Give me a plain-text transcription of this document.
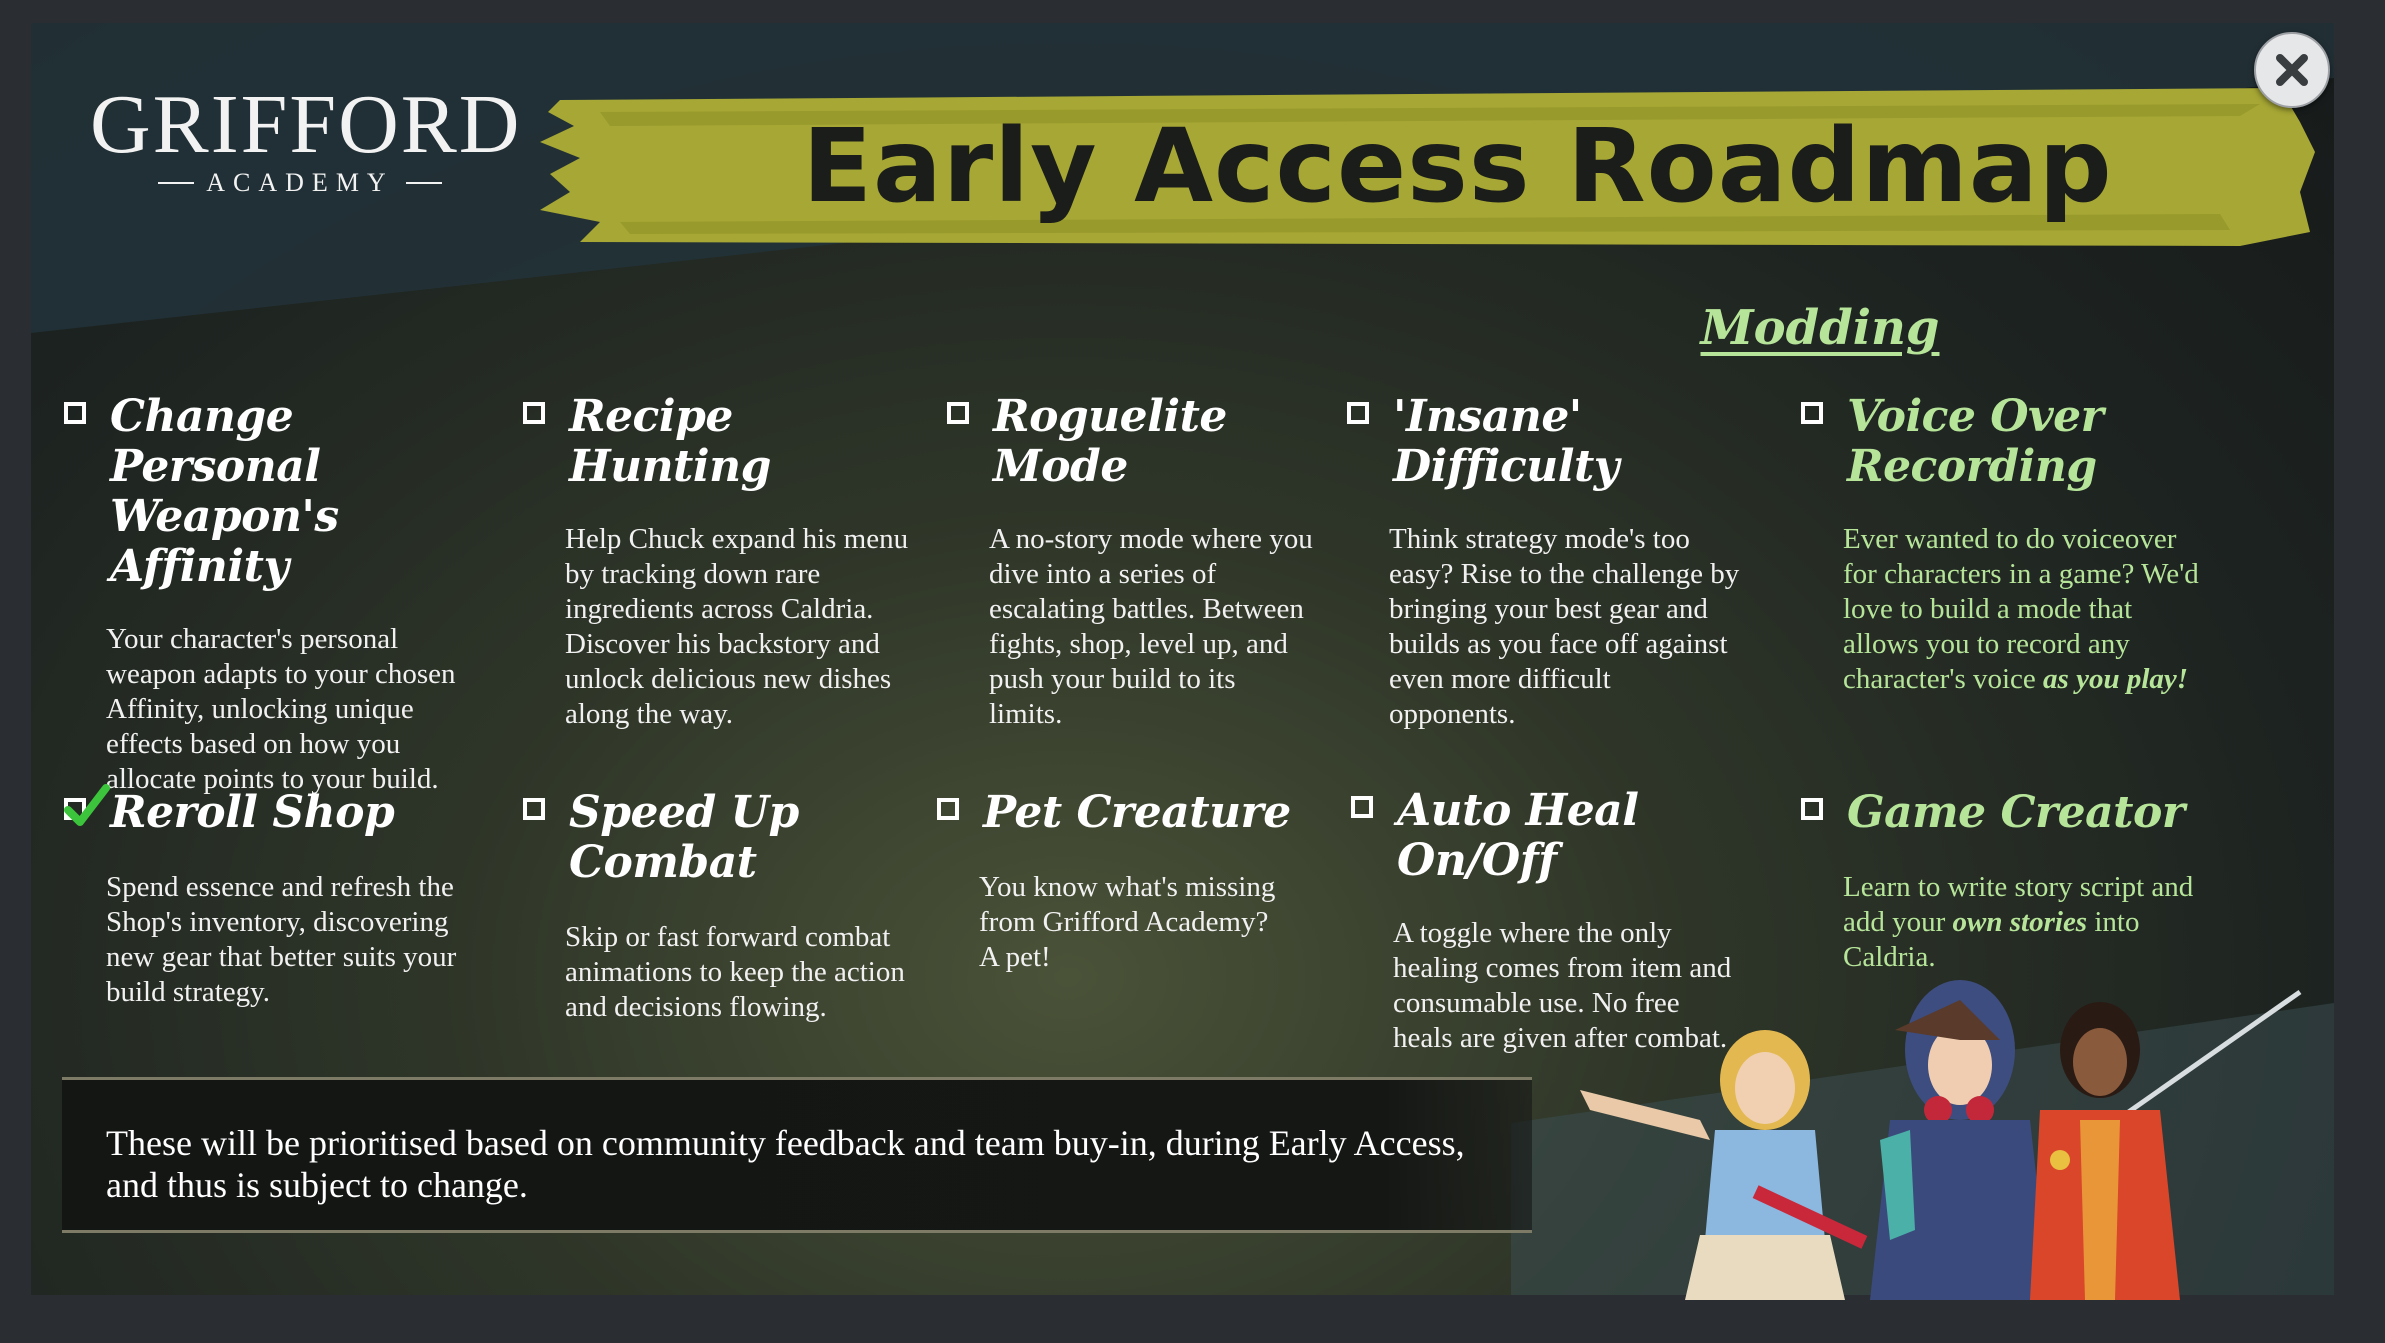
GRIFFORD
ACADEMY	Early Access Roadmap
Modding
Change Personal
Weapon's Affinity
Your character's personal
weapon adapts to your chosen
Affinity, unlocking unique
effects based on how you
allocate points to your build.
Recipe
Hunting
Help Chuck expand his menu
by tracking down rare
ingredients across Caldria.
Discover his backstory and
unlock delicious new dishes
along the way.
Roguelite
Mode
A no-story mode where you
dive into a series of
escalating battles. Between
fights, shop, level up, and
push your build to its
limits.
'Insane'
Difficulty
Think strategy mode's too
easy? Rise to the challenge by
bringing your best gear and
builds as you face off against
even more difficult
opponents.
Voice Over
Recording
Ever wanted to do voiceover
for characters in a game? We'd
love to build a mode that
allows you to record any
character's voice as you play!
Reroll Shop
Spend essence and refresh the
Shop's inventory, discovering
new gear that better suits your
build strategy.
Speed Up Combat
Skip or fast forward combat
animations to keep the action
and decisions flowing.
Pet Creature
You know what's missing
from Grifford Academy?
A pet!
Auto Heal On/Off
A toggle where the only
healing comes from item and
consumable use. No free
heals are given after combat.
Game Creator
Learn to write story script and
add your own stories into
Caldria.
These will be prioritised based on community feedback and team buy-in, during Early Access, and thus is subject to change.
